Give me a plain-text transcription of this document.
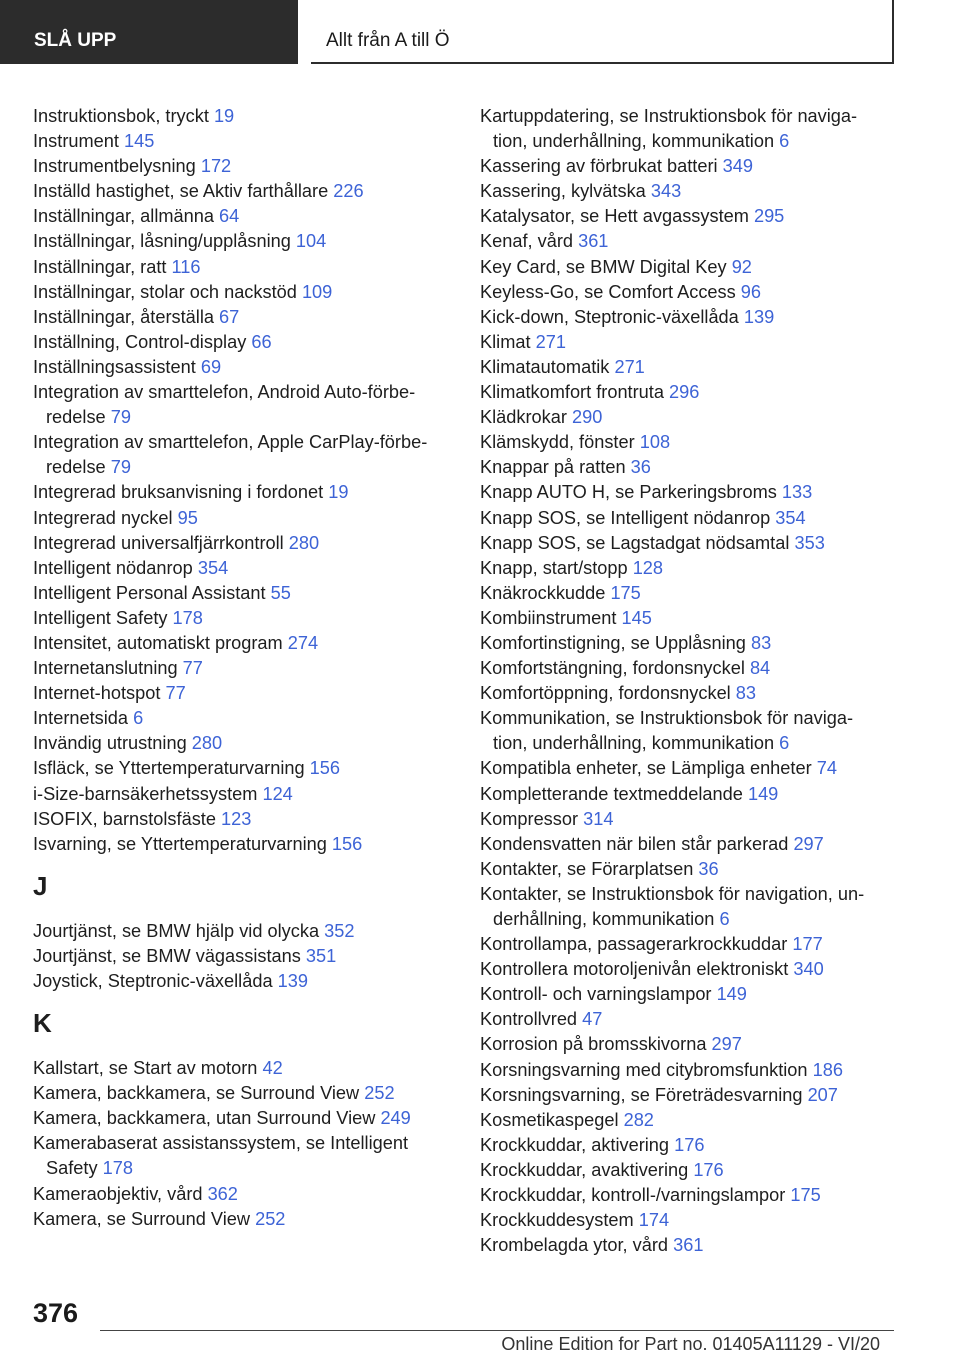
SLÅ UPP	Allt från A till Ö
Instruktionsbok, tryckt 19
Instrument 145
Instrumentbelysning 172
Inställd hastighet, se Aktiv farthållare 226
Inställningar, allmänna 64
Inställningar, låsning/upplåsning 104
Inställningar, ratt 116
Inställningar, stolar och nackstöd 109
Inställningar, återställa 67
Inställning, Control-display 66
Inställningsassistent 69
Integration av smarttelefon, Android Auto-förbe‐
redelse 79
Integration av smarttelefon, Apple CarPlay-förbe‐
redelse 79
Integrerad bruksanvisning i fordonet 19
Integrerad nyckel 95
Integrerad universalfjärrkontroll 280
Intelligent nödanrop 354
Intelligent Personal Assistant 55
Intelligent Safety 178
Intensitet, automatiskt program 274
Internetanslutning 77
Internet-hotspot 77
Internetsida 6
Invändig utrustning 280
Isfläck, se Yttertemperaturvarning 156
i-Size-barnsäkerhetssystem 124
ISOFIX, barnstolsfäste 123
Isvarning, se Yttertemperaturvarning 156
J
Jourtjänst, se BMW hjälp vid olycka 352
Jourtjänst, se BMW vägassistans 351
Joystick, Steptronic-växellåda 139
K
Kallstart, se Start av motorn 42
Kamera, backkamera, se Surround View 252
Kamera, backkamera, utan Surround View 249
Kamerabaserat assistanssystem, se Intelligent
Safety 178
Kameraobjektiv, vård 362
Kamera, se Surround View 252
Kartuppdatering, se Instruktionsbok för naviga‐
tion, underhållning, kommunikation 6
Kassering av förbrukat batteri 349
Kassering, kylvätska 343
Katalysator, se Hett avgassystem 295
Kenaf, vård 361
Key Card, se BMW Digital Key 92
Keyless-Go, se Comfort Access 96
Kick-down, Steptronic-växellåda 139
Klimat 271
Klimatautomatik 271
Klimatkomfort frontruta 296
Klädkrokar 290
Klämskydd, fönster 108
Knappar på ratten 36
Knapp AUTO H, se Parkeringsbroms 133
Knapp SOS, se Intelligent nödanrop 354
Knapp SOS, se Lagstadgat nödsamtal 353
Knapp, start/stopp 128
Knäkrockkudde 175
Kombiinstrument 145
Komfortinstigning, se Upplåsning 83
Komfortstängning, fordonsnyckel 84
Komfortöppning, fordonsnyckel 83
Kommunikation, se Instruktionsbok för naviga‐
tion, underhållning, kommunikation 6
Kompatibla enheter, se Lämpliga enheter 74
Kompletterande textmeddelande 149
Kompressor 314
Kondensvatten när bilen står parkerad 297
Kontakter, se Förarplatsen 36
Kontakter, se Instruktionsbok för navigation, un‐
derhållning, kommunikation 6
Kontrollampa, passagerarkrockkuddar 177
Kontrollera motoroljenivån elektroniskt 340
Kontroll- och varningslampor 149
Kontrollvred 47
Korrosion på bromsskivorna 297
Korsningsvarning med citybromsfunktion 186
Korsningsvarning, se Företrädesvarning 207
Kosmetikaspegel 282
Krockkuddar, aktivering 176
Krockkuddar, avaktivering 176
Krockkuddar, kontroll-/varningslampor 175
Krockkuddesystem 174
Krombelagda ytor, vård 361
376
Online Edition for Part no. 01405A11129 - VI/20
